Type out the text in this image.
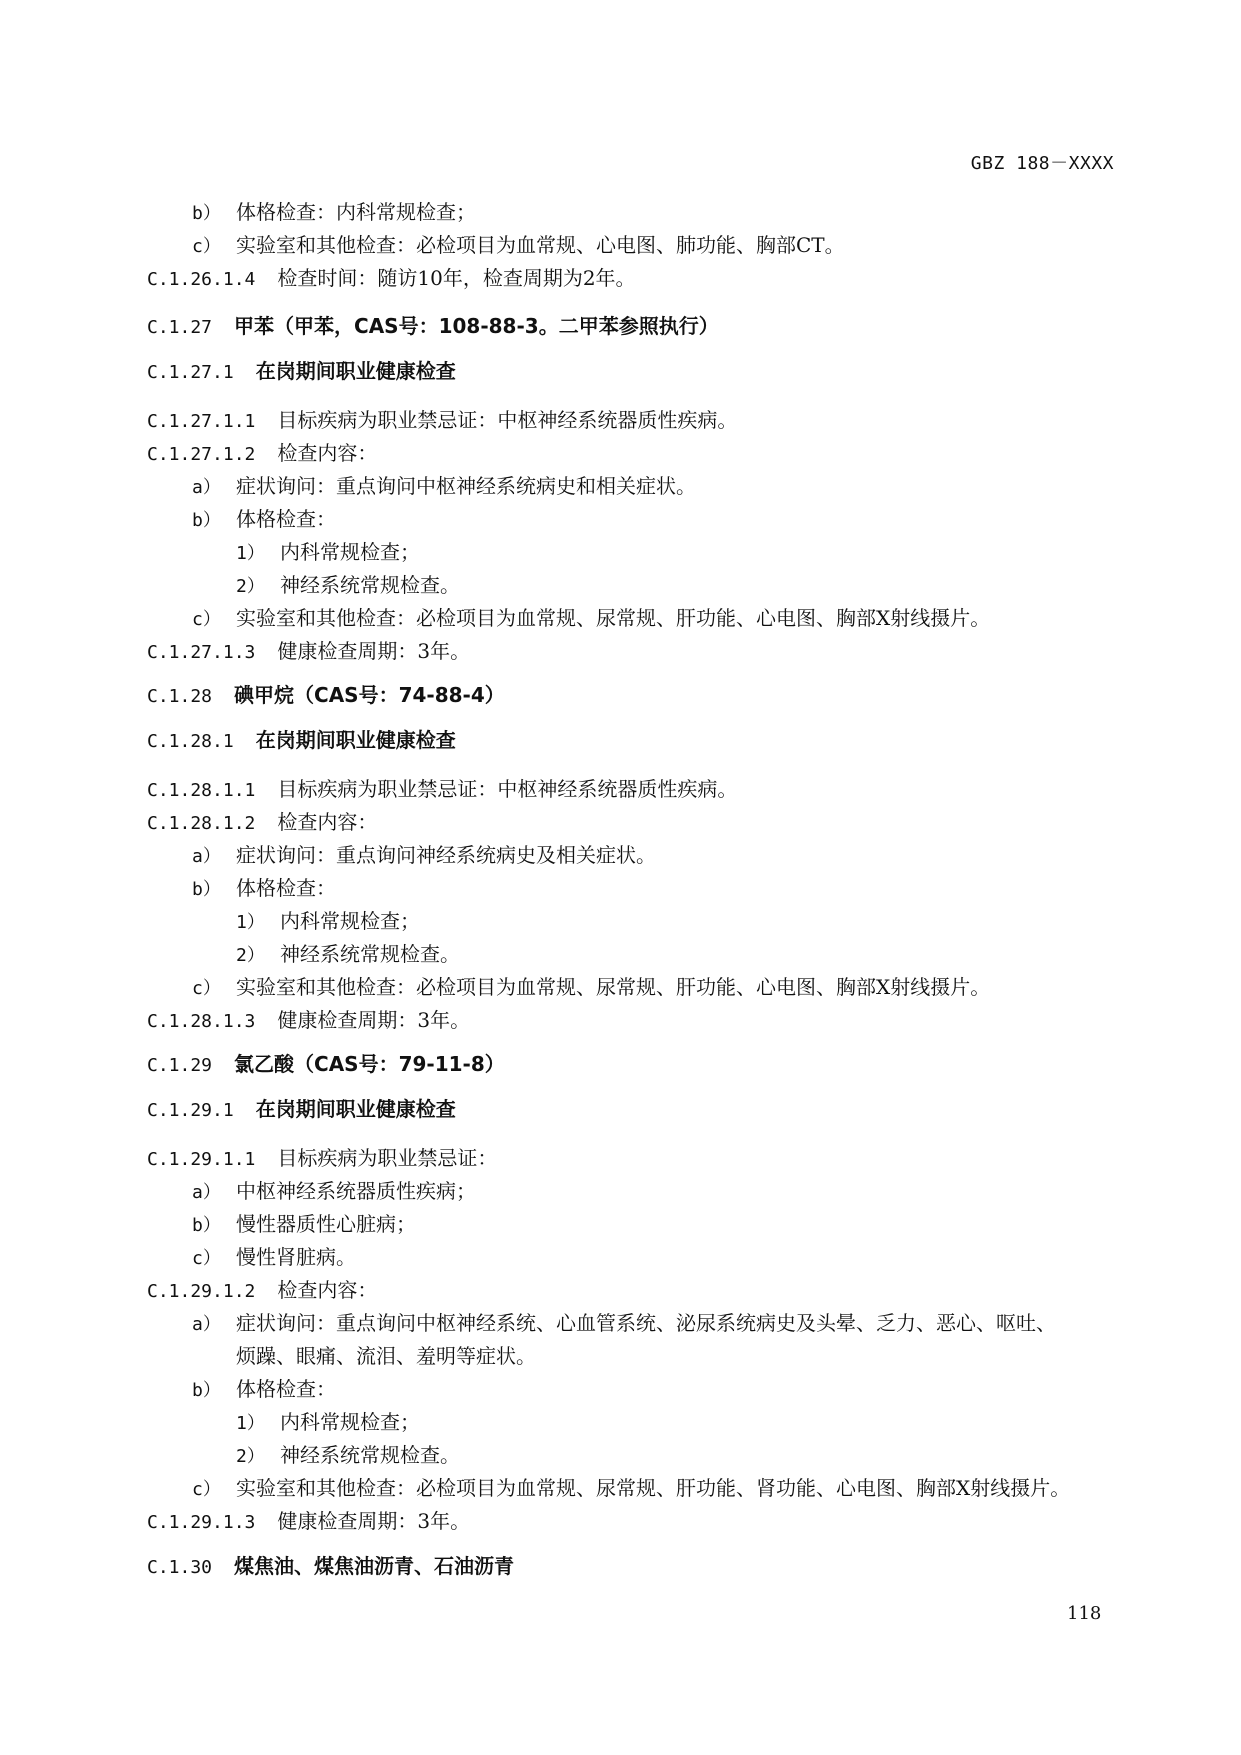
GBZ 188－XXXX
b） 体格检查：内科常规检查；
c） 实验室和其他检查：必检项目为血常规、心电图、肺功能、胸部CT。
C.1.26.1.4 检查时间：随访10年，检查周期为2年。
C.1.27 甲苯（甲苯，CAS号：108-88-3。二甲苯参照执行）
C.1.27.1 在岗期间职业健康检查
C.1.27.1.1 目标疾病为职业禁忌证：中枢神经系统器质性疾病。
C.1.27.1.2 检查内容：
a） 症状询问：重点询问中枢神经系统病史和相关症状。
b） 体格检查：
1） 内科常规检查；
2） 神经系统常规检查。
c） 实验室和其他检查：必检项目为血常规、尿常规、肝功能、心电图、胸部X射线摄片。
C.1.27.1.3 健康检查周期：3年。
C.1.28 碘甲烷（CAS号：74-88-4）
C.1.28.1 在岗期间职业健康检查
C.1.28.1.1 目标疾病为职业禁忌证：中枢神经系统器质性疾病。
C.1.28.1.2 检查内容：
a） 症状询问：重点询问神经系统病史及相关症状。
b） 体格检查：
1） 内科常规检查；
2） 神经系统常规检查。
c） 实验室和其他检查：必检项目为血常规、尿常规、肝功能、心电图、胸部X射线摄片。
C.1.28.1.3 健康检查周期：3年。
C.1.29 氯乙酸（CAS号：79-11-8）
C.1.29.1 在岗期间职业健康检查
C.1.29.1.1 目标疾病为职业禁忌证：
a） 中枢神经系统器质性疾病；
b） 慢性器质性心脏病；
c） 慢性肾脏病。
C.1.29.1.2 检查内容：
a） 症状询问：重点询问中枢神经系统、心血管系统、泌尿系统病史及头晕、乏力、恶心、呕吐、
烦躁、眼痛、流泪、羞明等症状。
b） 体格检查：
1） 内科常规检查；
2） 神经系统常规检查。
c） 实验室和其他检查：必检项目为血常规、尿常规、肝功能、肾功能、心电图、胸部X射线摄片。
C.1.29.1.3 健康检查周期：3年。
C.1.30 煤焦油、煤焦油沥青、石油沥青
118
